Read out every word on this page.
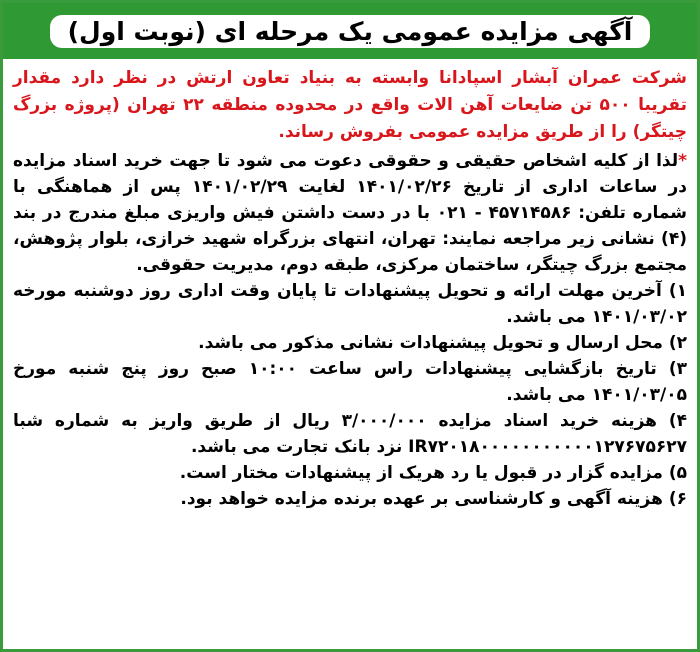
آگهی مزایده عمومی یک مرحله ای (نوبت اول)

شرکت عمران آبشار اسپادانا وابسته به بنیاد تعاون ارتش در نظر دارد مقدار تقریبا ۵۰۰ تن ضایعات آهن الات واقع در محدوده منطقه ۲۲ تهران (پروژه بزرگ چیتگر) را از طریق مزایده عمومی بفروش رساند.

*لذا از کلیه اشخاص حقیقی و حقوقی دعوت می شود تا جهت خرید اسناد مزایده در ساعات اداری از تاریخ ۱۴۰۱/۰۲/۲۶ لغایت ۱۴۰۱/۰۲/۲۹ پس از هماهنگی با شماره تلفن: ۴۵۷۱۴۵۸۶ - ۰۲۱ با در دست داشتن فیش واریزی مبلغ مندرج در بند (۴) نشانی زیر مراجعه نمایند: تهران، انتهای بزرگراه شهید خرازی، بلوار پژوهش، مجتمع بزرگ چیتگر، ساختمان مرکزی، طبقه دوم، مدیریت حقوقی.

۱) آخرین مهلت ارائه و تحویل پیشنهادات تا پایان وقت اداری روز دوشنبه مورخه ۱۴۰۱/۰۳/۰۲ می باشد.
۲) محل ارسال و تحویل پیشنهادات نشانی مذکور می باشد.
۳) تاریخ بازگشایی پیشنهادات راس ساعت ۱۰:۰۰ صبح روز پنج شنبه مورخ ۱۴۰۱/۰۳/۰۵ می باشد.
۴) هزینه خرید اسناد مزایده ۳/۰۰۰/۰۰۰ ریال از طریق واریز به شماره شبا IR۷۲۰۱۸۰۰۰۰۰۰۰۰۰۰۰۱۲۷۶۷۵۶۲۷ نزد بانک تجارت می باشد.
۵) مزایده گزار در قبول یا رد هریک از پیشنهادات مختار است.
۶) هزینه آگهی و کارشناسی بر عهده برنده مزایده خواهد بود.
